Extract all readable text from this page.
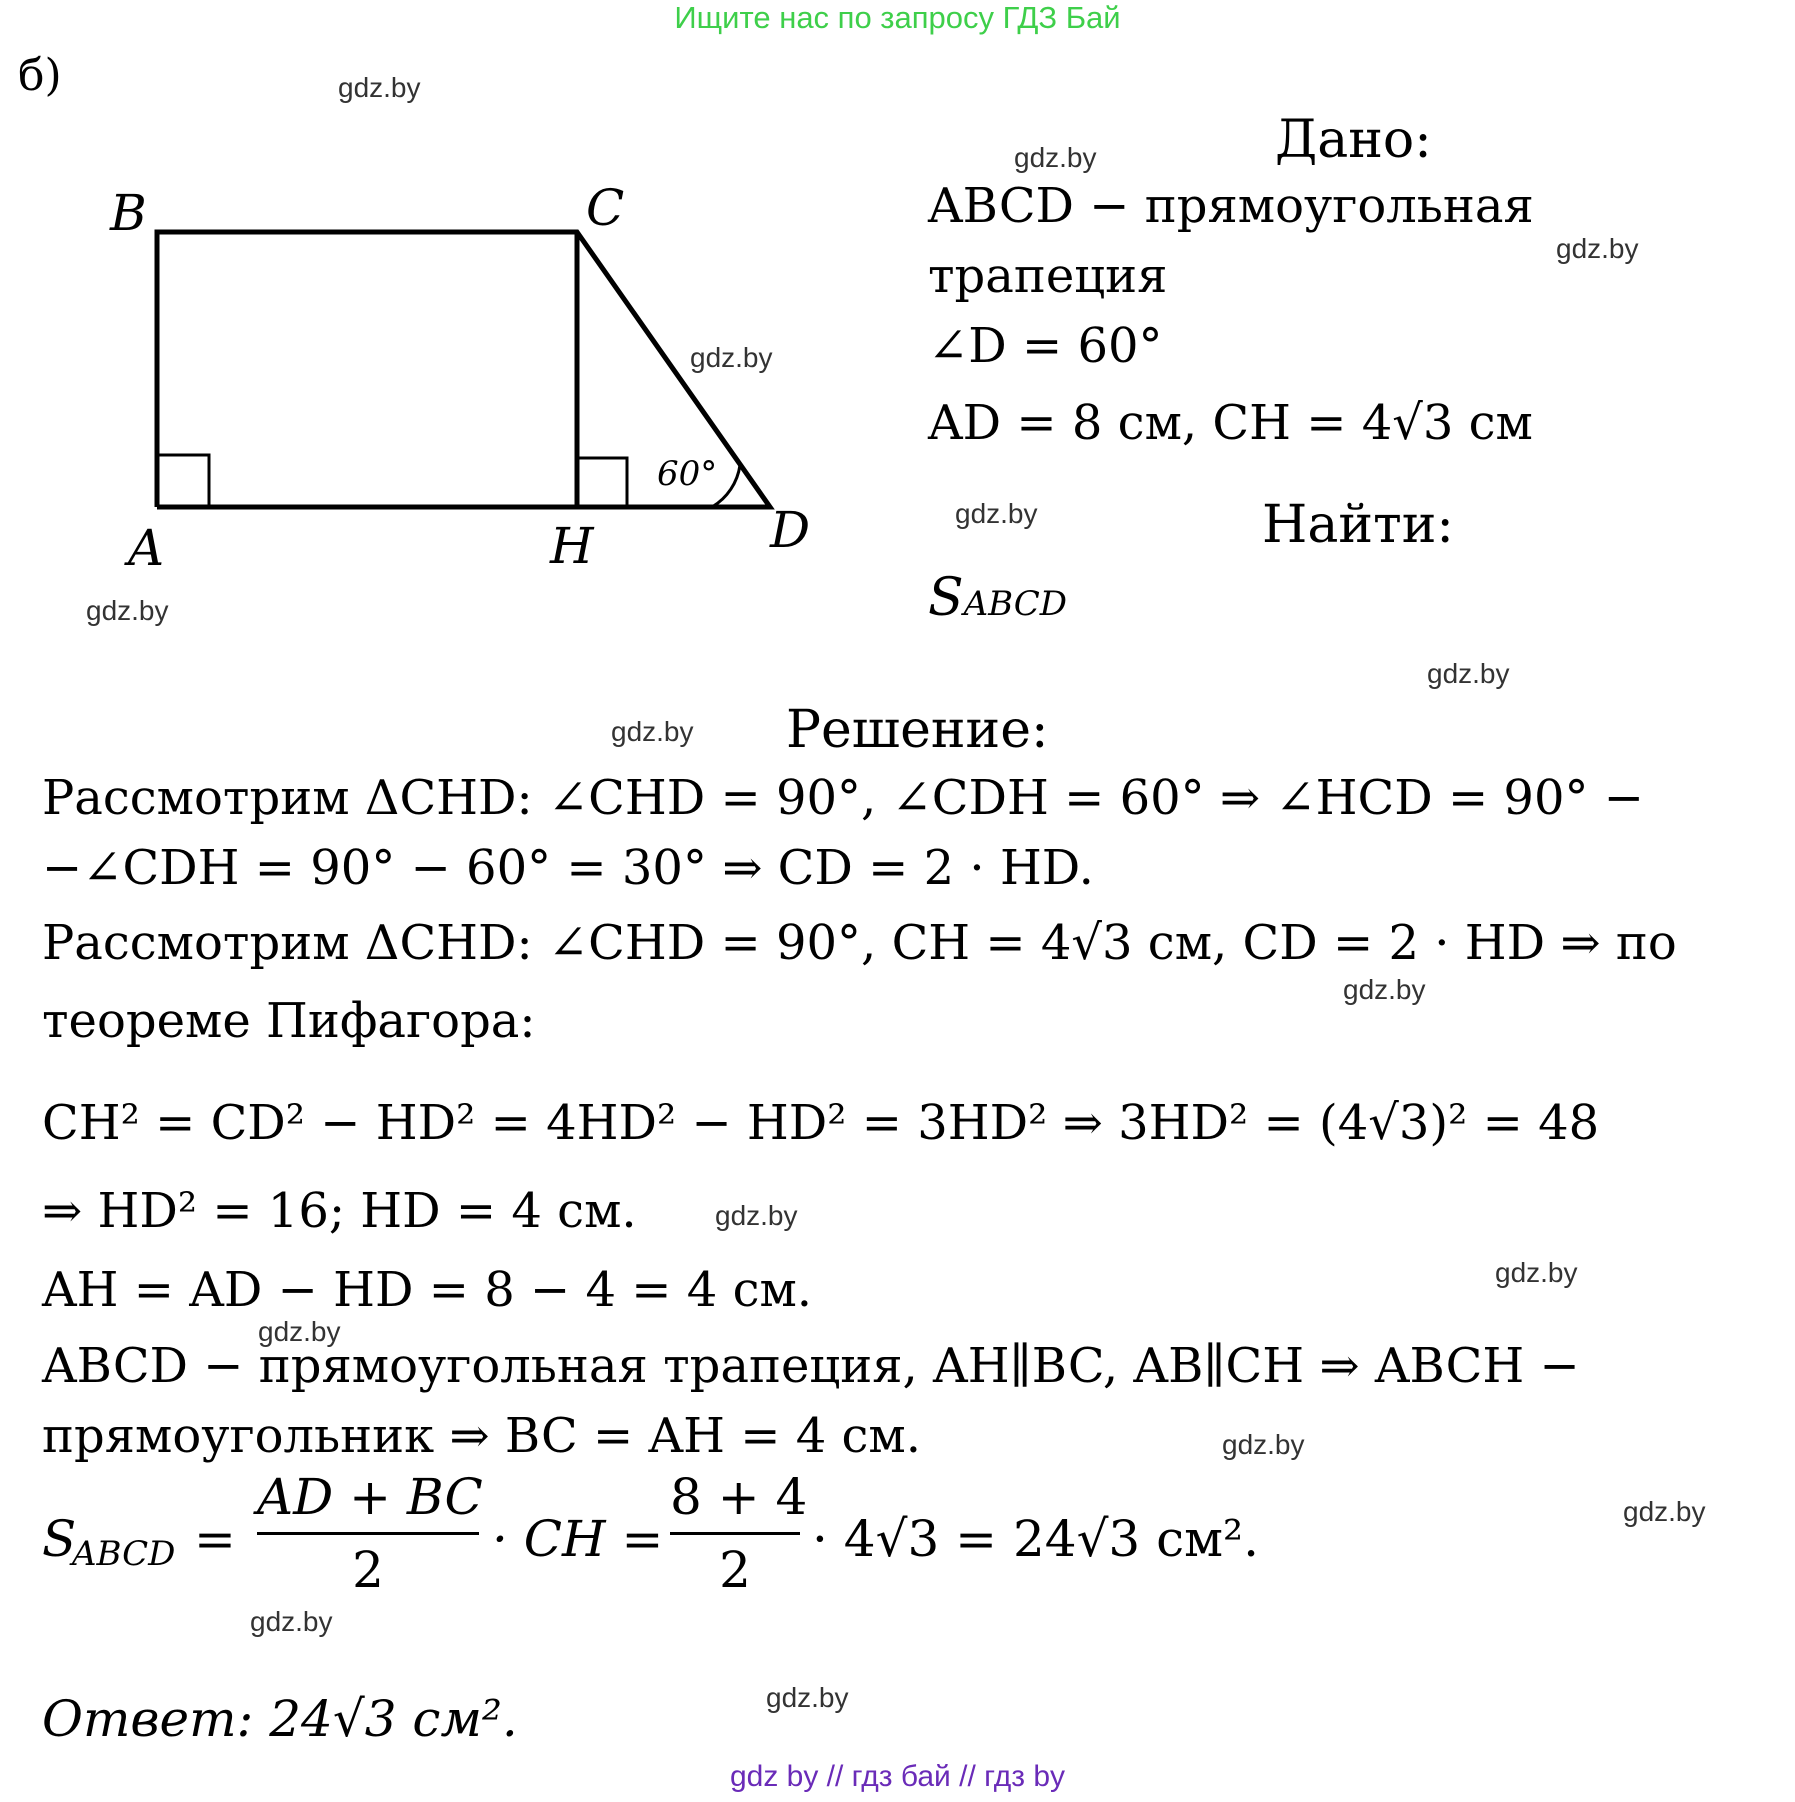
Ищите нас по запросу ГДЗ Бай
б)	gdz.by
gdz.by
gdz.by
gdz.by
gdz.by
gdz.by
gdz.by
gdz.by
gdz.by
gdz.by
gdz.by
gdz.by
gdz.by
gdz.by
gdz.by
gdz.by
B	C
A	H	D
60°
Дано:
ABCD − прямоугольная
трапеция
∠D = 60°
AD = 8 см, CH = 4√3 см
Найти:
SABCD
Решение:
Рассмотрим ΔCHD: ∠CHD = 90°, ∠CDH = 60° ⇒ ∠HCD = 90° −
−∠CDH = 90° − 60° = 30° ⇒ CD = 2 · HD.
Рассмотрим ΔCHD: ∠CHD = 90°, CH = 4√3 см, CD = 2 · HD ⇒ по
теореме Пифагора:
CH² = CD² − HD² = 4HD² − HD² = 3HD² ⇒ 3HD² = (4√3)² = 48
⇒ HD² = 16; HD = 4 см.
AH = AD − HD = 8 − 4 = 4 см.
ABCD − прямоугольная трапеция, AH∥BC, AB∥CH ⇒ ABCH −
прямоугольник ⇒ BC = AH = 4 см.
S
ABCD = $\frac{AD + BC}{2}$ · CH = $\frac{8 + 4}{2} \cdot 4√3 = 24√3$ см².
Ответ: 24√3 см².
gdz by // гдз бай // гдз by
